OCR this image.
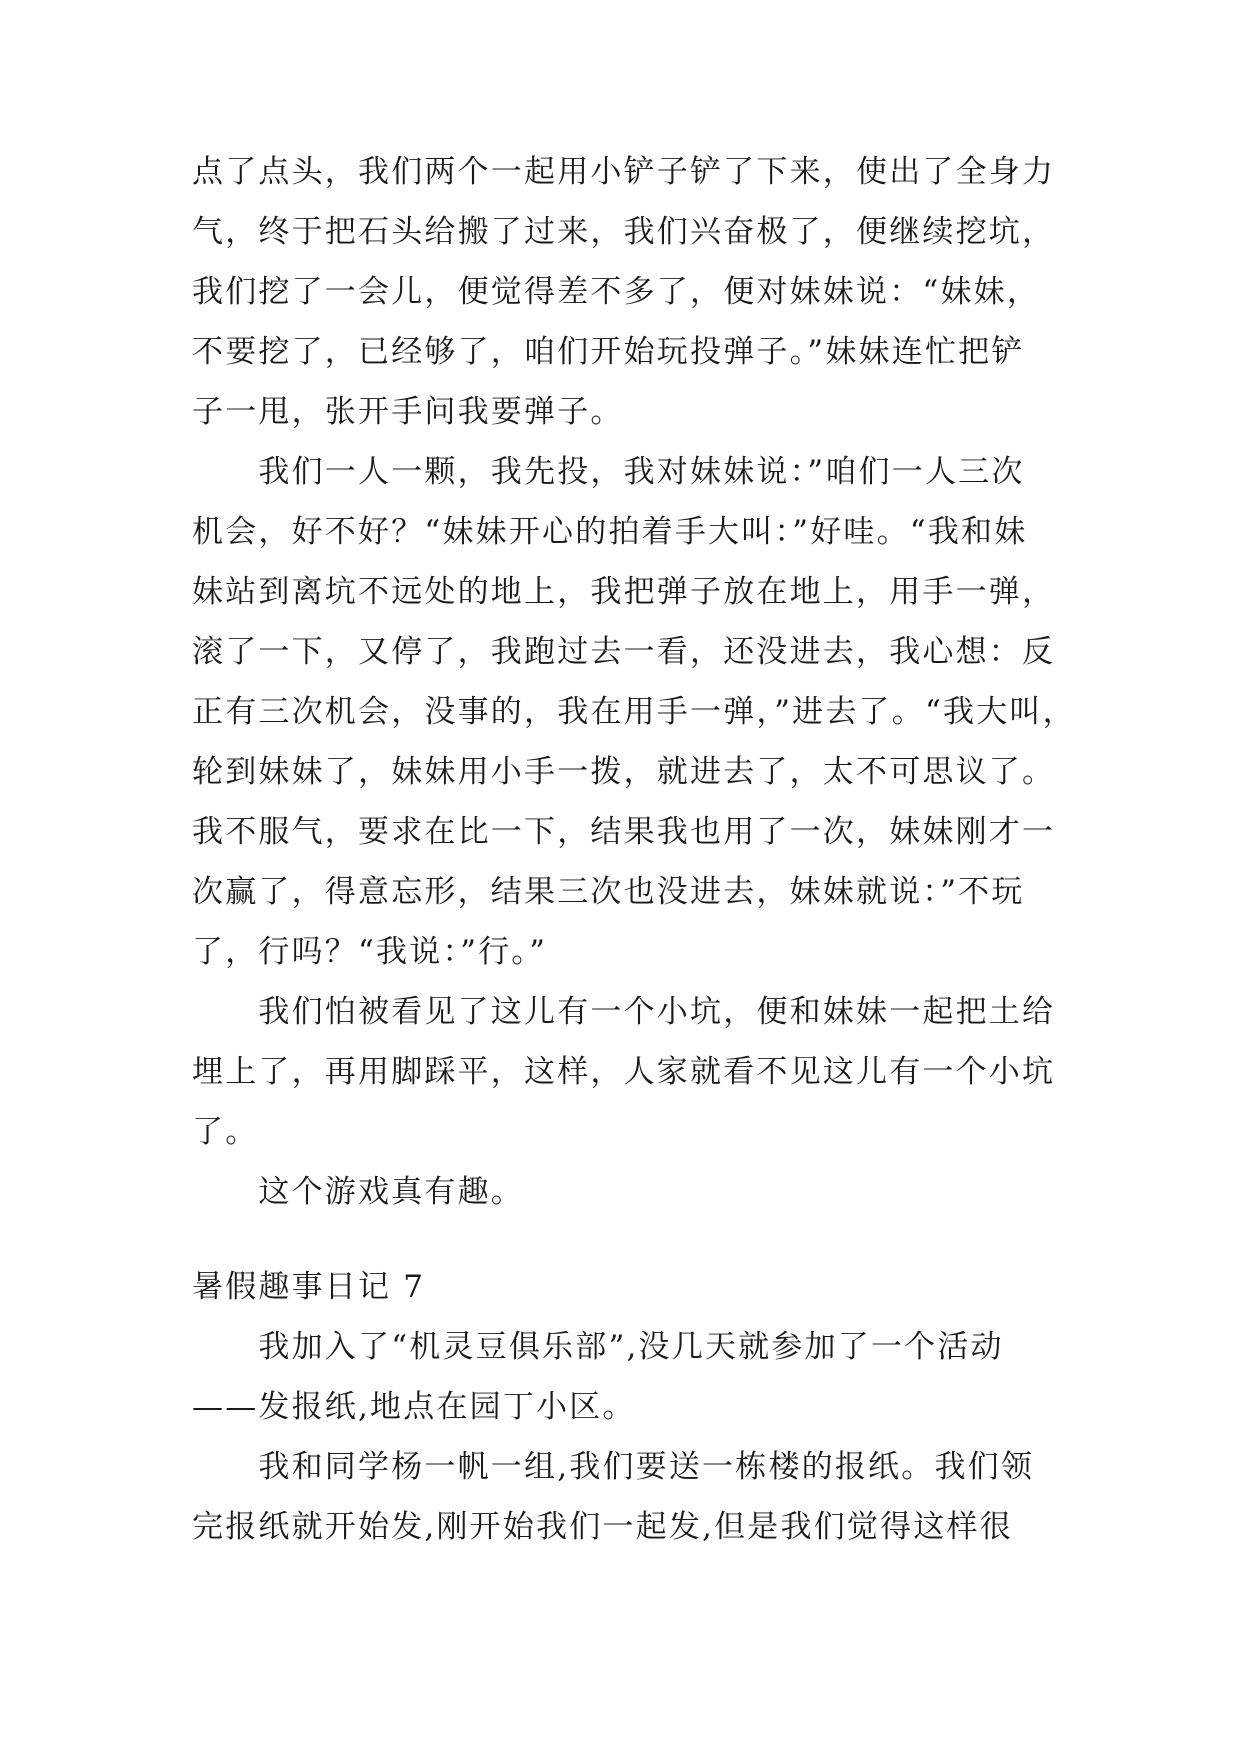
点了点头，我们两个一起用小铲子铲了下来，使出了全身力
气，终于把石头给搬了过来，我们兴奋极了，便继续挖坑，
我们挖了一会儿，便觉得差不多了，便对妹妹说：“妹妹，
不要挖了，已经够了，咱们开始玩投弹子。”妹妹连忙把铲
子一甩，张开手问我要弹子。
　　我们一人一颗，我先投，我对妹妹说：”咱们一人三次
机会，好不好？“妹妹开心的拍着手大叫：”好哇。“我和妹
妹站到离坑不远处的地上，我把弹子放在地上，用手一弹，
滚了一下，又停了，我跑过去一看，还没进去，我心想：反
正有三次机会，没事的，我在用手一弹，”进去了。“我大叫，
轮到妹妹了，妹妹用小手一拨，就进去了，太不可思议了。
我不服气，要求在比一下，结果我也用了一次，妹妹刚才一
次赢了，得意忘形，结果三次也没进去，妹妹就说：”不玩
了，行吗？“我说：”行。”
　　我们怕被看见了这儿有一个小坑，便和妹妹一起把土给
埋上了，再用脚踩平，这样，人家就看不见这儿有一个小坑
了。
　　这个游戏真有趣。
暑假趣事日记 7
　　我加入了“机灵豆俱乐部”,没几天就参加了一个活动
——发报纸,地点在园丁小区。
　　我和同学杨一帆一组,我们要送一栋楼的报纸。我们领
完报纸就开始发,刚开始我们一起发,但是我们觉得这样很
